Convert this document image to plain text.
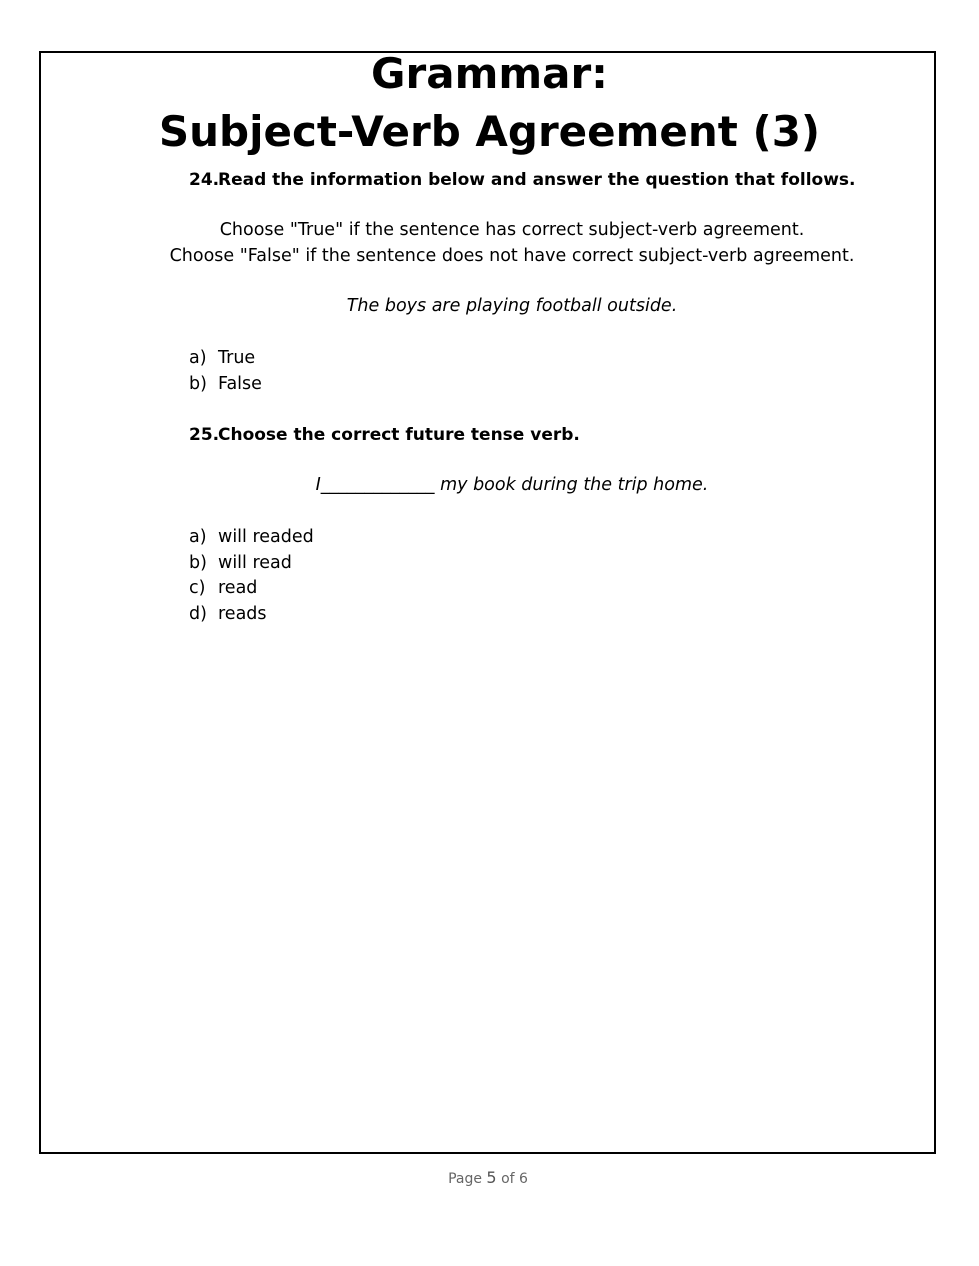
Grammar:
Subject-Verb Agreement (3)
24.Read the information below and answer the question that follows.
Choose "True" if the sentence has correct subject-verb agreement.
Choose "False" if the sentence does not have correct subject-verb agreement.
The boys are playing football outside.
a) True
b) False
25.Choose the correct future tense verb.
I_____________ my book during the trip home.
a) will readed
b) will read
c) read
d) reads
Page 5 of 6
